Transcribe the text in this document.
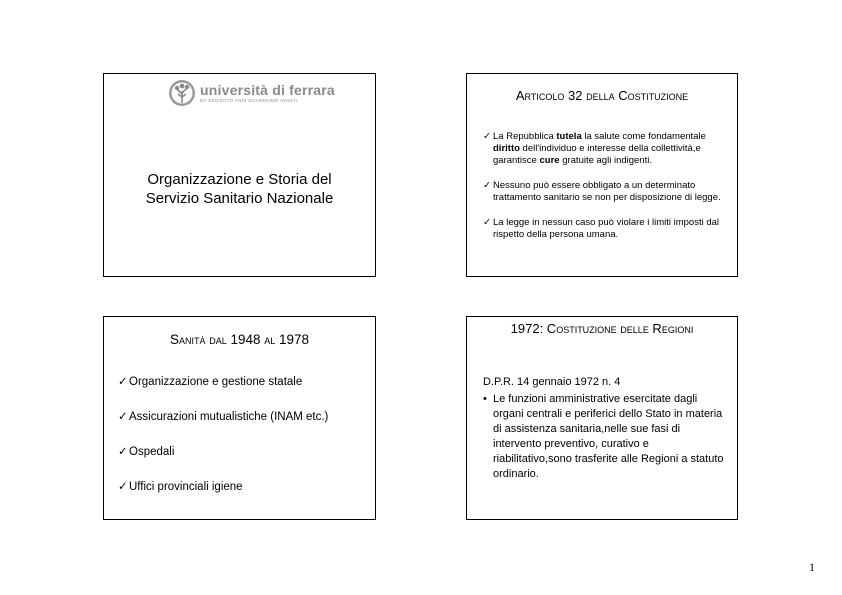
università di ferrara
DA SEICENTO ANNI GUARDIAMO AVANTI.
Organizzazione e Storia del
Servizio Sanitario Nazionale
Articolo 32 della Costituzione
✓ La Repubblica tutela la salute come fondamentale diritto dell'individuo e interesse della collettività,e garantisce cure gratuite agli indigenti.
✓ Nessuno può essere obbligato a un determinato trattamento sanitario se non per disposizione di legge.
✓ La legge in nessun caso può violare i limiti imposti dal rispetto della persona umana.
Sanità dal 1948 al 1978
✓Organizzazione e gestione statale
✓Assicurazioni mutualistiche (INAM etc.)
✓Ospedali
✓Uffici provinciali igiene
1972: Costituzione delle Regioni
D.P.R. 14 gennaio 1972 n. 4
• Le funzioni amministrative esercitate dagli organi centrali e periferici dello Stato in materia di assistenza sanitaria,nelle sue fasi di intervento preventivo, curativo e riabilitativo,sono trasferite alle Regioni a statuto ordinario.
1
